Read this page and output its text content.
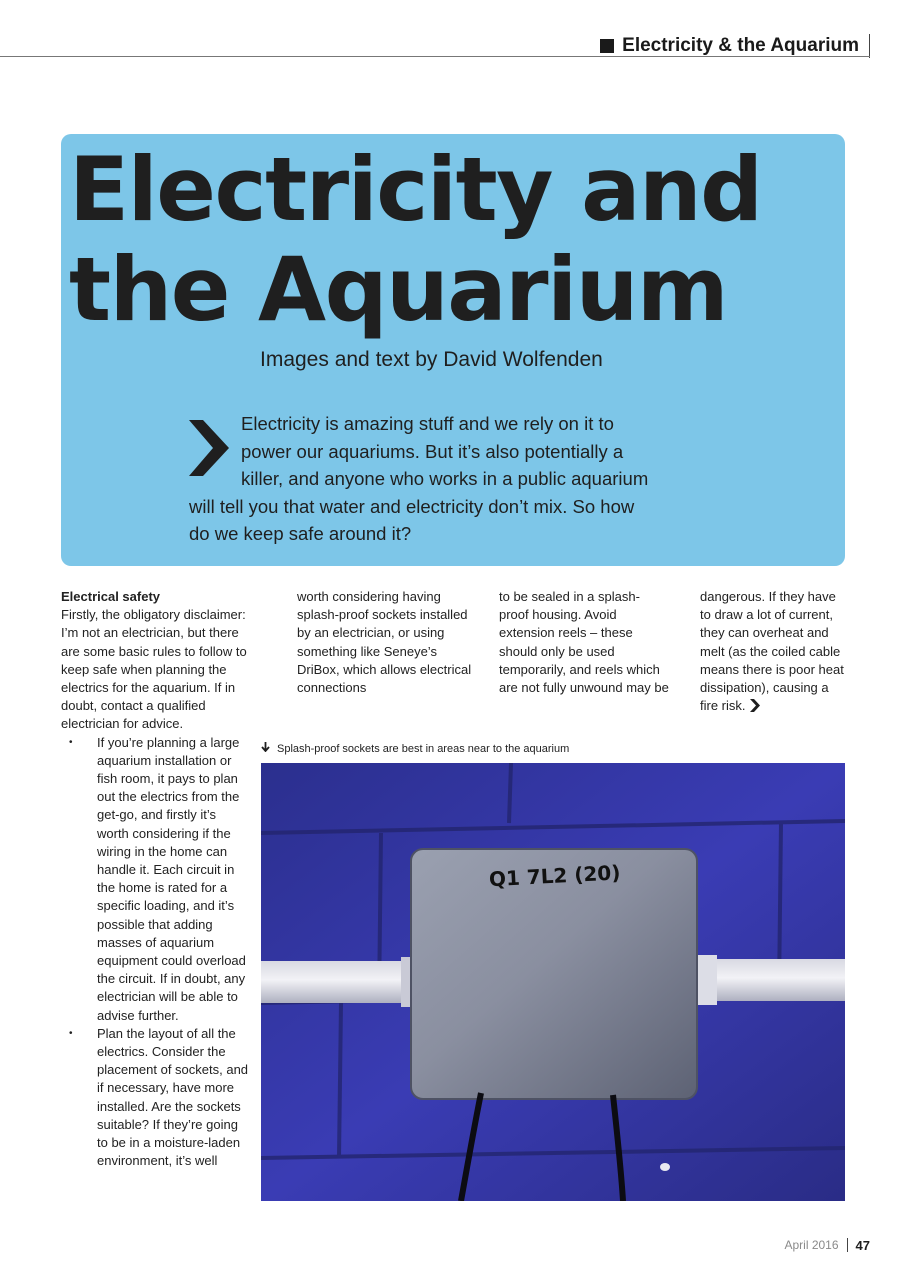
Electricity & the Aquarium
Electricity and
the Aquarium
Images and text by David Wolfenden
Electricity is amazing stuff and we rely on it to power our aquariums. But it’s also potentially a killer, and anyone who works in a public aquarium will tell you that water and electricity don’t mix. So how do we keep safe around it?
Electrical safety

Firstly, the obligatory disclaimer: I’m not an electrician, but there are some basic rules to follow to keep safe when planning the electrics for the aquarium. If in doubt, contact a qualified electrician for advice.

• If you’re planning a large aquarium installation or fish room, it pays to plan out the electrics from the get-go, and firstly it’s worth considering if the wiring in the home can handle it. Each circuit in the home is rated for a specific loading, and it’s possible that adding masses of aquarium equipment could overload the circuit. If in doubt, any electrician will be able to advise further.
• Plan the layout of all the electrics. Consider the placement of sockets, and if necessary, have more installed. Are the sockets suitable? If they’re going to be in a moisture-laden environment, it’s well

worth considering having splash-proof sockets installed by an electrician, or using something like Seneye’s DriBox, which allows electrical connections

to be sealed in a splash-proof housing. Avoid extension reels – these should only be used temporarily, and reels which are not fully unwound may be

dangerous. If they have to draw a lot of current, they can overheat and melt (as the coiled cable means there is poor heat dissipation), causing a fire risk.

Splash-proof sockets are best in areas near to the aquarium
Q1 7L2 (20)
April 2016	47
